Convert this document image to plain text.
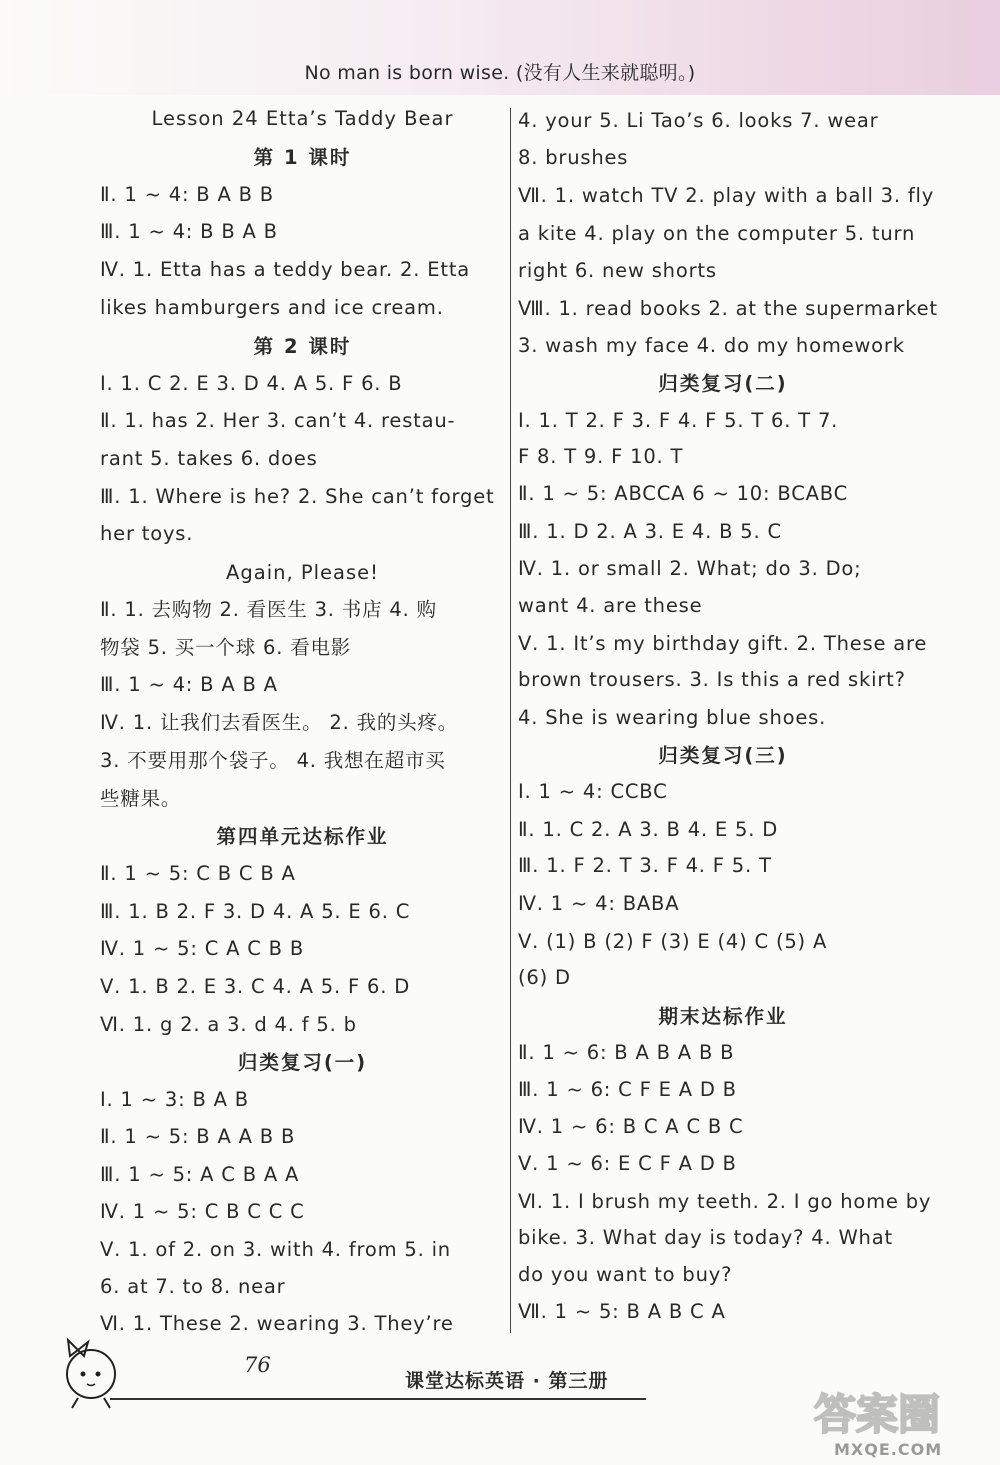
No man is born wise. (没有人生来就聪明。)
Lesson 24 Etta’s Taddy Bear
第 1 课时
Ⅱ. 1 ~ 4: B A B B
Ⅲ. 1 ~ 4: B B A B
Ⅳ. 1. Etta has a teddy bear. 2. Etta
likes hamburgers and ice cream.
第 2 课时
Ⅰ. 1. C 2. E 3. D 4. A 5. F 6. B
Ⅱ. 1. has 2. Her 3. can’t 4. restau-
rant 5. takes 6. does
Ⅲ. 1. Where is he? 2. She can’t forget
her toys.
Again, Please!
Ⅱ. 1. 去购物 2. 看医生 3. 书店 4. 购
物袋 5. 买一个球 6. 看电影
Ⅲ. 1 ~ 4: B A B A
Ⅳ. 1. 让我们去看医生。 2. 我的头疼。
3. 不要用那个袋子。 4. 我想在超市买
些糖果。
第四单元达标作业
Ⅱ. 1 ~ 5: C B C B A
Ⅲ. 1. B 2. F 3. D 4. A 5. E 6. C
Ⅳ. 1 ~ 5: C A C B B
Ⅴ. 1. B 2. E 3. C 4. A 5. F 6. D
Ⅵ. 1. g 2. a 3. d 4. f 5. b
归类复习(一)
Ⅰ. 1 ~ 3: B A B
Ⅱ. 1 ~ 5: B A A B B
Ⅲ. 1 ~ 5: A C B A A
Ⅳ. 1 ~ 5: C B C C C
Ⅴ. 1. of 2. on 3. with 4. from 5. in
6. at 7. to 8. near
Ⅵ. 1. These 2. wearing 3. They’re
4. your 5. Li Tao’s 6. looks 7. wear
8. brushes
Ⅶ. 1. watch TV 2. play with a ball 3. fly
a kite 4. play on the computer 5. turn
right 6. new shorts
Ⅷ. 1. read books 2. at the supermarket
3. wash my face 4. do my homework
归类复习(二)
Ⅰ. 1. T 2. F 3. F 4. F 5. T 6. T 7.
F 8. T 9. F 10. T
Ⅱ. 1 ~ 5: ABCCA 6 ~ 10: BCABC
Ⅲ. 1. D 2. A 3. E 4. B 5. C
Ⅳ. 1. or small 2. What; do 3. Do;
want 4. are these
Ⅴ. 1. It’s my birthday gift. 2. These are
brown trousers. 3. Is this a red skirt?
4. She is wearing blue shoes.
归类复习(三)
Ⅰ. 1 ~ 4: CCBC
Ⅱ. 1. C 2. A 3. B 4. E 5. D
Ⅲ. 1. F 2. T 3. F 4. F 5. T
Ⅳ. 1 ~ 4: BABA
Ⅴ. (1) B (2) F (3) E (4) C (5) A
(6) D
期末达标作业
Ⅱ. 1 ~ 6: B A B A B B
Ⅲ. 1 ~ 6: C F E A D B
Ⅳ. 1 ~ 6: B C A C B C
Ⅴ. 1 ~ 6: E C F A D B
Ⅵ. 1. I brush my teeth. 2. I go home by
bike. 3. What day is today? 4. What
do you want to buy?
Ⅶ. 1 ~ 5: B A B C A
76
课堂达标英语 · 第三册
答案圈
MXQE.COM
